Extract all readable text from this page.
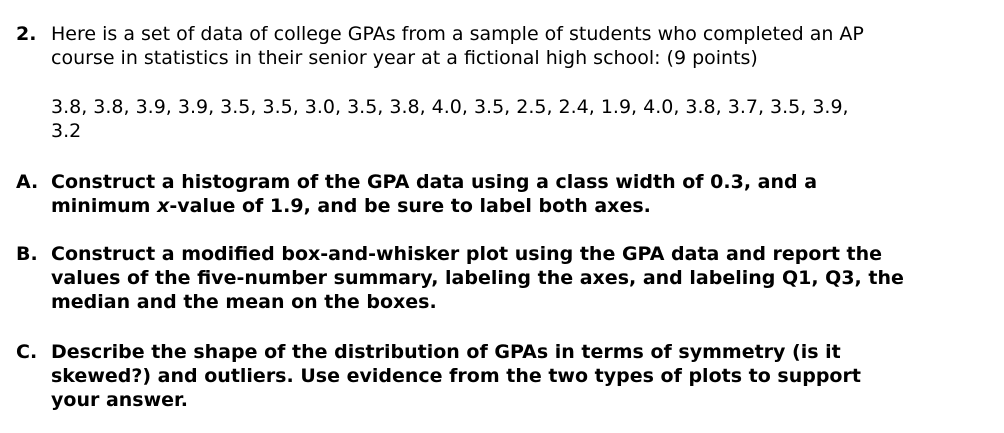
2. Here is a set of data of college GPAs from a sample of students who completed an AP
course in statistics in their senior year at a fictional high school: (9 points)
3.8, 3.8, 3.9, 3.9, 3.5, 3.5, 3.0, 3.5, 3.8, 4.0, 3.5, 2.5, 2.4, 1.9, 4.0, 3.8, 3.7, 3.5, 3.9,
3.2
A. Construct a histogram of the GPA data using a class width of 0.3, and a
minimum x-value of 1.9, and be sure to label both axes.
B. Construct a modified box-and-whisker plot using the GPA data and report the
values of the five-number summary, labeling the axes, and labeling Q1, Q3, the
median and the mean on the boxes.
C. Describe the shape of the distribution of GPAs in terms of symmetry (is it
skewed?) and outliers. Use evidence from the two types of plots to support
your answer.
